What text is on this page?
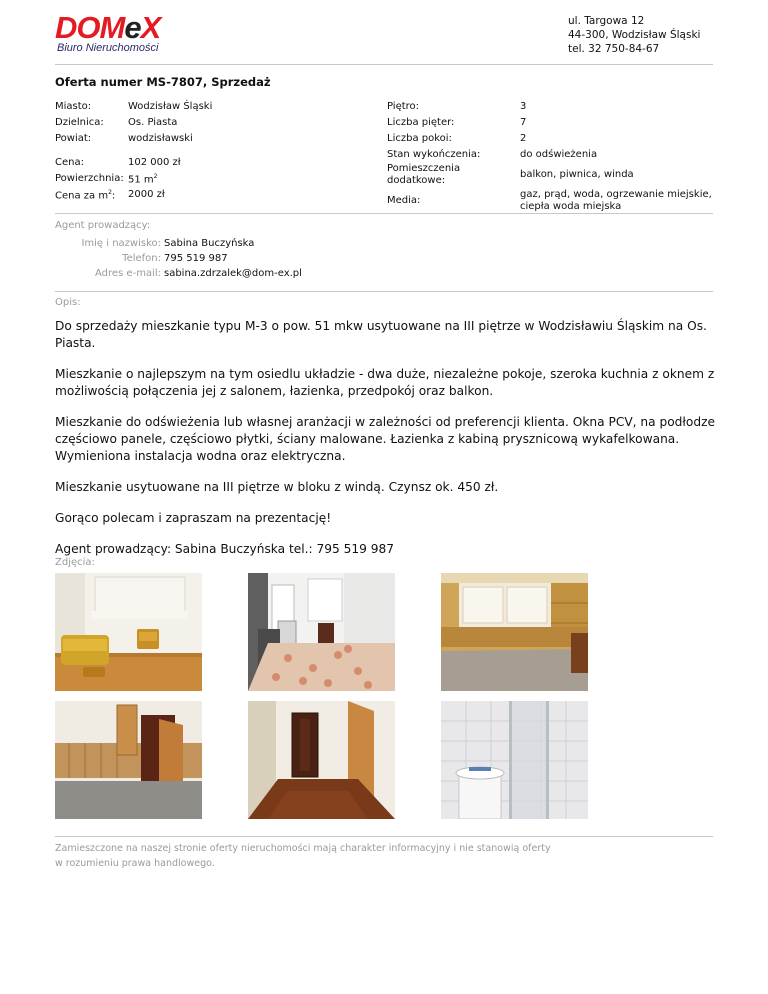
DOMeX
Biuro Nieruchomości
ul. Targowa 12
44-300, Wodzisław Śląski
tel. 32 750-84-67
Oferta numer MS-7807, Sprzedaż
Miasto:	Wodzisław Śląski
Dzielnica:	Os. Piasta
Powiat:	wodzisławski

Cena:	102 000 zł
Powierzchnia:	51 $m^2$
Cena za $m^2$:	2000 zł
Piętro:	3
Liczba pięter:	7
Liczba pokoi:	2
Stan wykończenia:	do odświeżenia
Pomieszczenia dodatkowe:	balkon, piwnica, winda
Media:	gaz, prąd, woda, ogrzewanie miejskie,
ciepła woda miejska
Agent prowadzący:
Imię i nazwisko:	Sabina Buczyńska
Telefon:	795 519 987
Adres e-mail:	sabina.zdrzalek@dom-ex.pl
Opis:

Do sprzedaży mieszkanie typu M-3 o pow. 51 mkw usytuowane na III piętrze w Wodzisławiu Śląskim na Os. Piasta.

Mieszkanie o najlepszym na tym osiedlu układzie - dwa duże, niezależne pokoje, szeroka kuchnia z oknem z możliwością połączenia jej z salonem, łazienka, przedpokój oraz balkon.

Mieszkanie do odświeżenia lub własnej aranżacji w zależności od preferencji klienta. Okna PCV, na podłodze częściowo panele, częściowo płytki, ściany malowane. Łazienka z kabiną prysznicową wykafelkowana. Wymieniona instalacja wodna oraz elektryczna.

Mieszkanie usytuowane na III piętrze w bloku z windą. Czynsz ok. 450 zł.

Gorąco polecam i zapraszam na prezentację!

Agent prowadzący: Sabina Buczyńska tel.: 795 519 987

Zdjęcia:
Zamieszczone na naszej stronie oferty nieruchomości mają charakter informacyjny i nie stanowią oferty
w rozumieniu prawa handlowego.
